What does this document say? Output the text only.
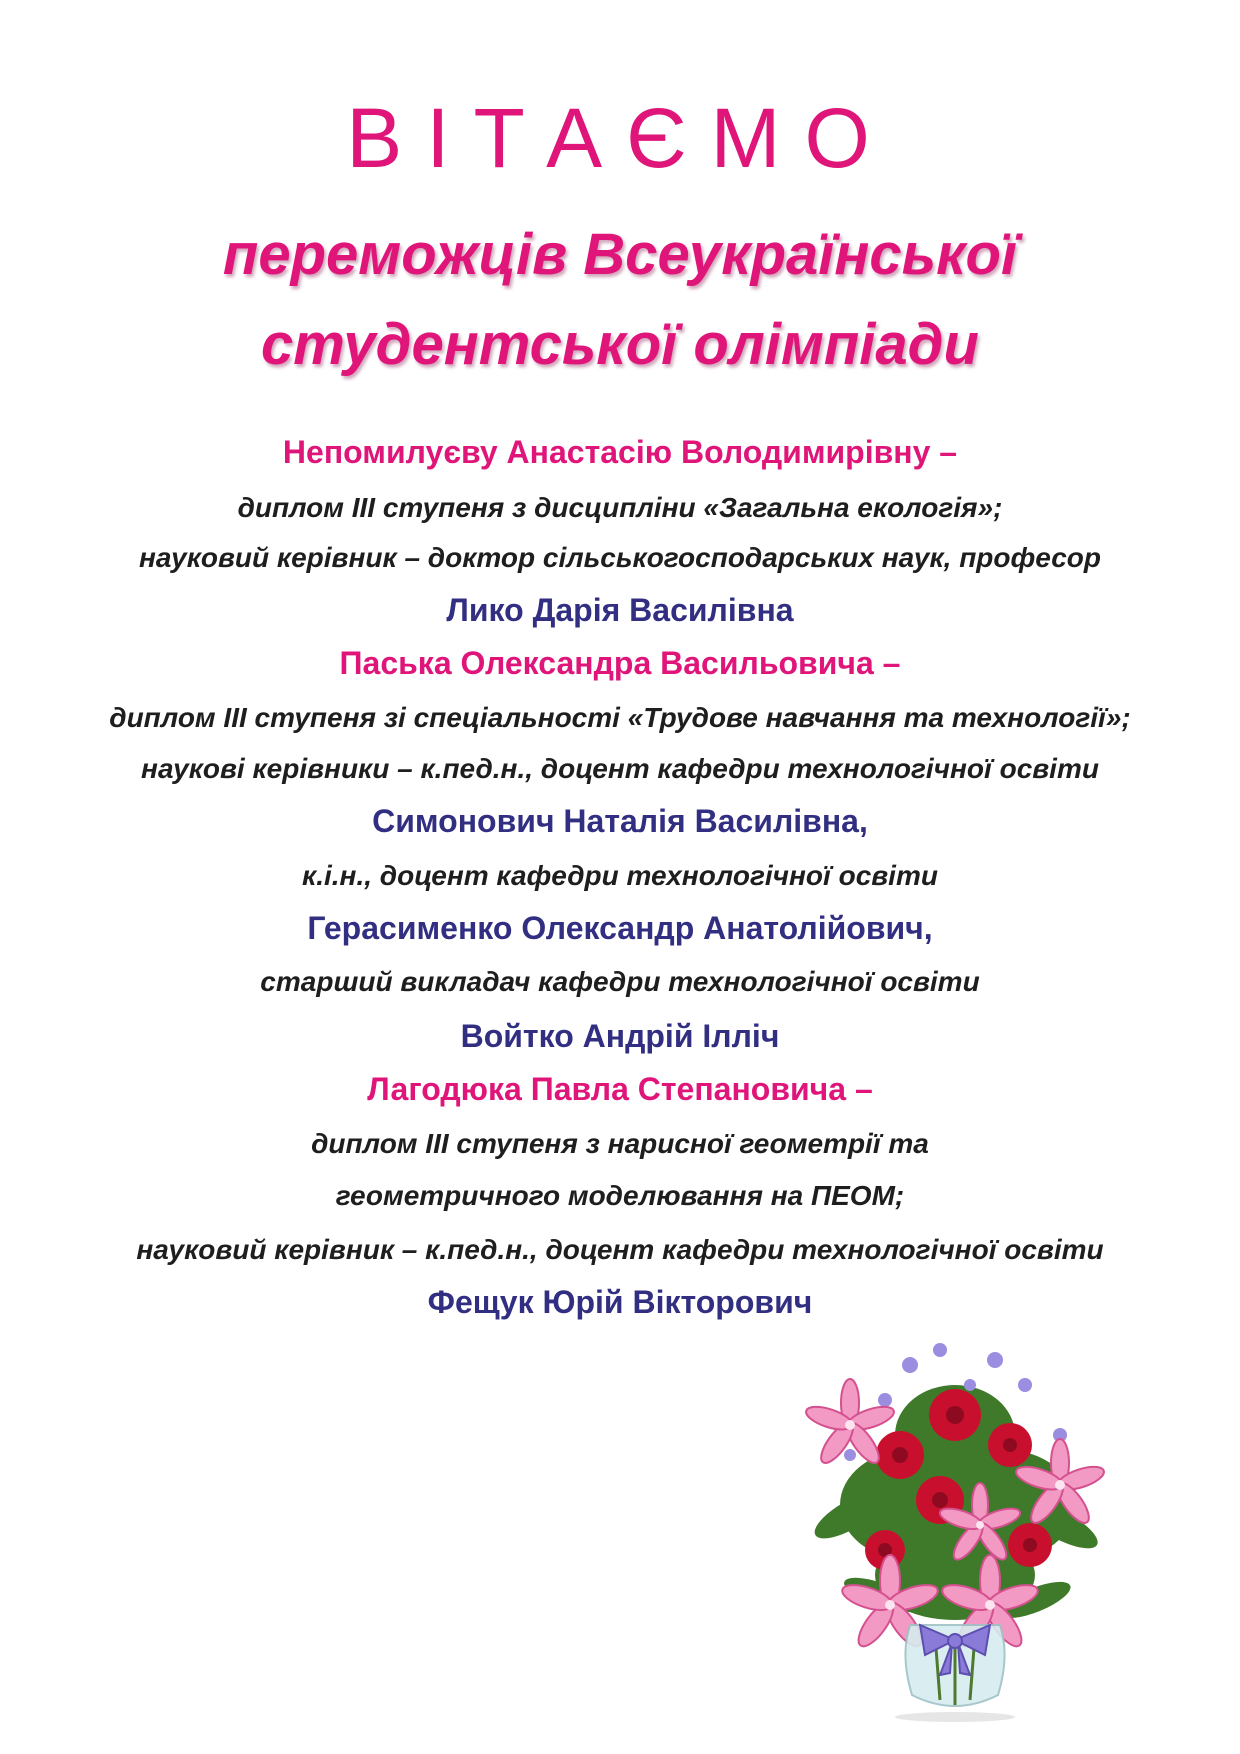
ВІТАЄМО
переможців Всеукраїнської
студентської олімпіади
Непомилуєву Анастасію Володимирівну –
диплом ІІІ ступеня з дисципліни «Загальна екологія»;
науковий керівник – доктор сільськогосподарських наук, професор
Лико Дарія Василівна
Паська Олександра Васильовича –
диплом ІІІ ступеня зі спеціальності «Трудове навчання та технології»;
наукові керівники – к.пед.н., доцент кафедри технологічної освіти
Симонович Наталія Василівна,
к.і.н., доцент кафедри технологічної освіти
Герасименко Олександр Анатолійович,
старший викладач кафедри технологічної освіти
Войтко Андрій Ілліч
Лагодюка Павла Степановича –
диплом ІІІ ступеня з нарисної геометрії та
геометричного моделювання на ПЕОМ;
науковий керівник – к.пед.н., доцент кафедри технологічної освіти
Фещук Юрій Вікторович
